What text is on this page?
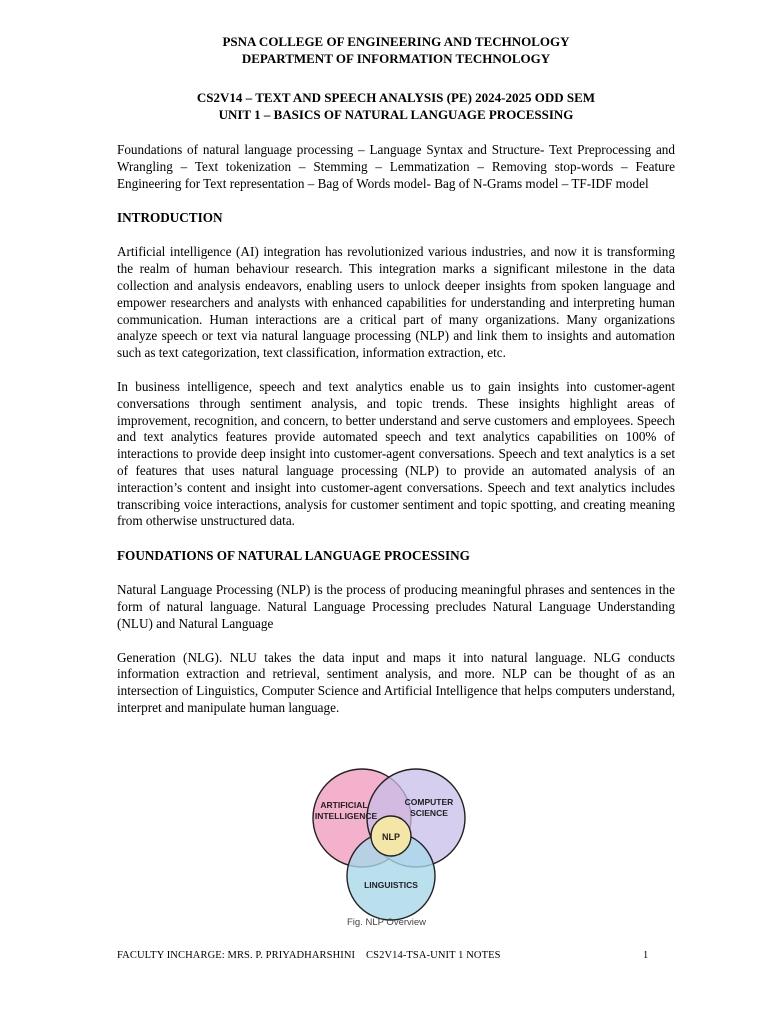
PSNA COLLEGE OF ENGINEERING AND TECHNOLOGY
DEPARTMENT OF INFORMATION TECHNOLOGY
CS2V14 – TEXT AND SPEECH ANALYSIS (PE) 2024-2025 ODD SEM
UNIT 1 – BASICS OF NATURAL LANGUAGE PROCESSING

Foundations of natural language processing – Language Syntax and Structure- Text Preprocessing and Wrangling – Text tokenization – Stemming – Lemmatization – Removing stop-words – Feature Engineering for Text representation – Bag of Words model- Bag of N-Grams model – TF-IDF model

INTRODUCTION

Artificial intelligence (AI) integration has revolutionized various industries, and now it is transforming the realm of human behaviour research. This integration marks a significant milestone in the data collection and analysis endeavors, enabling users to unlock deeper insights from spoken language and empower researchers and analysts with enhanced capabilities for understanding and interpreting human communication. Human interactions are a critical part of many organizations. Many organizations analyze speech or text via natural language processing (NLP) and link them to insights and automation such as text categorization, text classification, information extraction, etc.

In business intelligence, speech and text analytics enable us to gain insights into customer-agent conversations through sentiment analysis, and topic trends. These insights highlight areas of improvement, recognition, and concern, to better understand and serve customers and employees. Speech and text analytics features provide automated speech and text analytics capabilities on 100% of interactions to provide deep insight into customer-agent conversations. Speech and text analytics is a set of features that uses natural language processing (NLP) to provide an automated analysis of an interaction’s content and insight into customer-agent conversations. Speech and text analytics includes transcribing voice interactions, analysis for customer sentiment and topic spotting, and creating meaning from otherwise unstructured data.

FOUNDATIONS OF NATURAL LANGUAGE PROCESSING

Natural Language Processing (NLP) is the process of producing meaningful phrases and sentences in the form of natural language. Natural Language Processing precludes Natural Language Understanding (NLU) and Natural Language

Generation (NLG). NLU takes the data input and maps it into natural language. NLG conducts information extraction and retrieval, sentiment analysis, and more. NLP can be thought of as an intersection of Linguistics, Computer Science and Artificial Intelligence that helps computers understand, interpret and manipulate human language.

ARTIFICIAL
INTELLIGENCE
COMPUTER
SCIENCE
NLP
LINGUISTICS
Fig. NLP Overview
FACULTY INCHARGE: MRS. P. PRIYADHARSHINI    CS2V14-TSA-UNIT 1 NOTES	1
